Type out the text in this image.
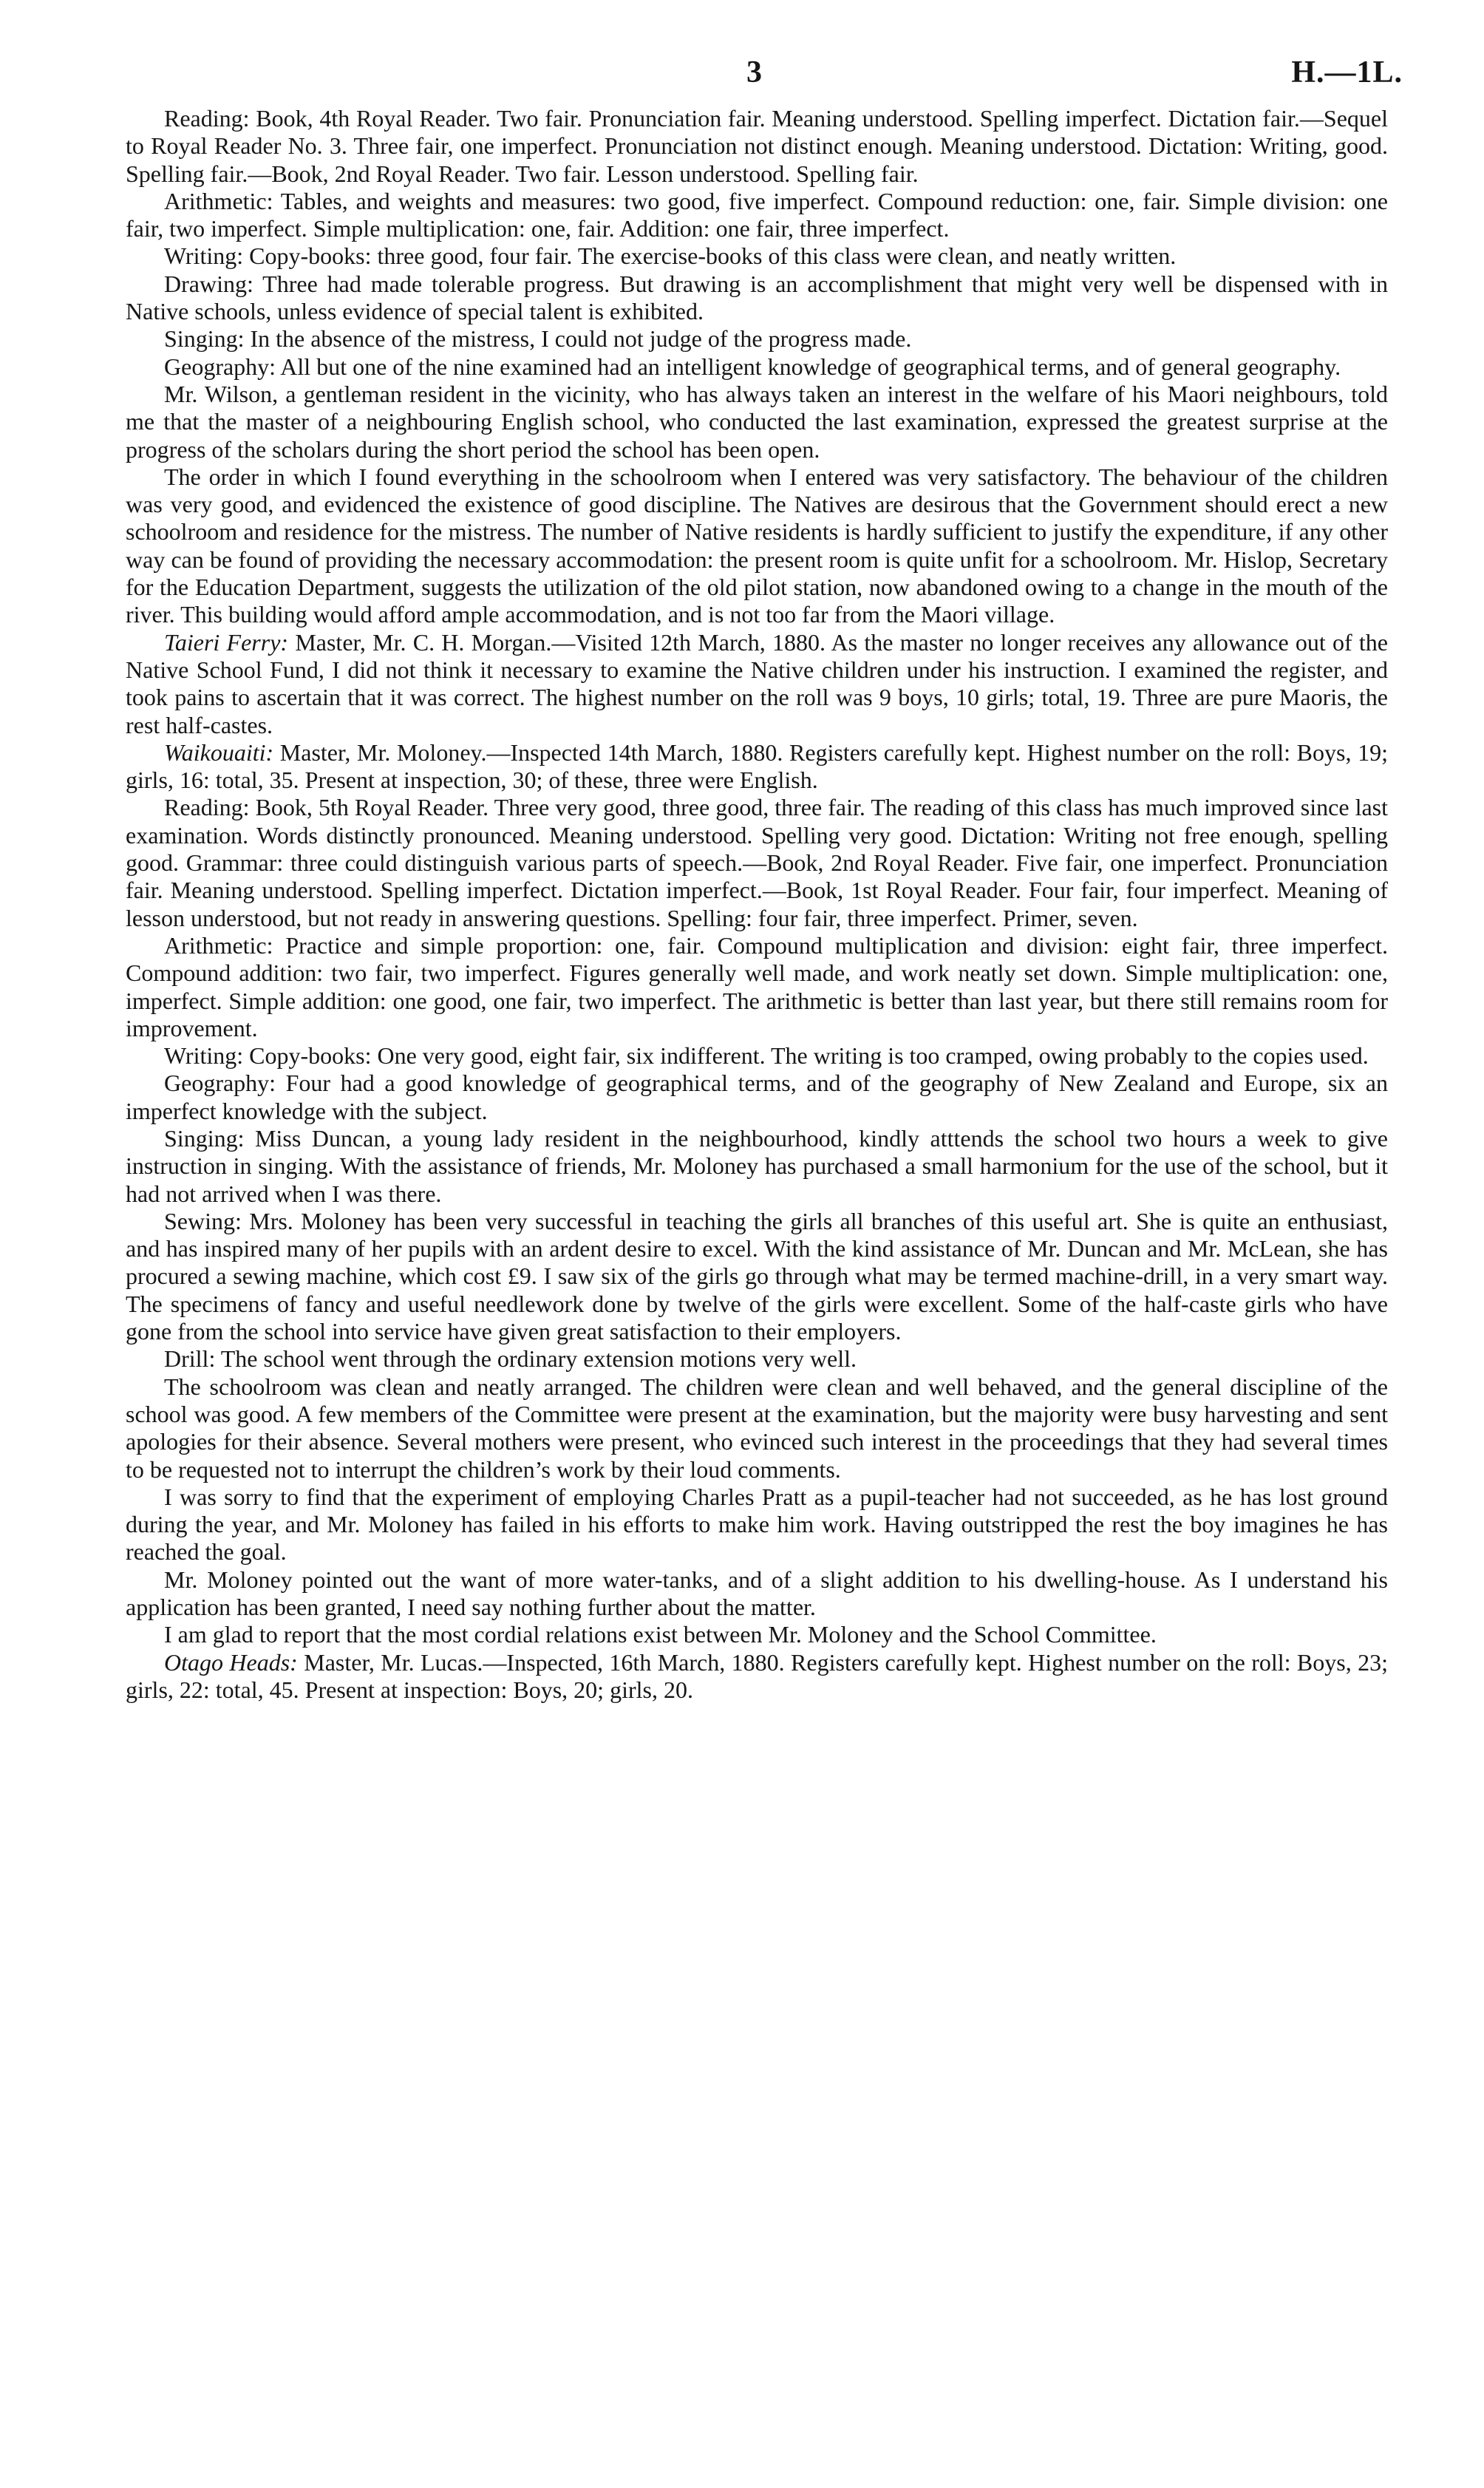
3	H.—1L.

Reading: Book, 4th Royal Reader. Two fair. Pronunciation fair. Meaning understood. Spelling imperfect. Dictation fair.—Sequel to Royal Reader No. 3. Three fair, one imperfect. Pronunciation not distinct enough. Meaning understood. Dictation: Writing, good. Spelling fair.—Book, 2nd Royal Reader. Two fair. Lesson understood. Spelling fair.

Arithmetic: Tables, and weights and measures: two good, five imperfect. Compound reduction: one, fair. Simple division: one fair, two imperfect. Simple multiplication: one, fair. Addition: one fair, three imperfect.

Writing: Copy-books: three good, four fair. The exercise-books of this class were clean, and neatly written.

Drawing: Three had made tolerable progress. But drawing is an accomplishment that might very well be dispensed with in Native schools, unless evidence of special talent is exhibited.

Singing: In the absence of the mistress, I could not judge of the progress made.

Geography: All but one of the nine examined had an intelligent knowledge of geographical terms, and of general geography.

Mr. Wilson, a gentleman resident in the vicinity, who has always taken an interest in the welfare of his Maori neighbours, told me that the master of a neighbouring English school, who conducted the last examination, expressed the greatest surprise at the progress of the scholars during the short period the school has been open.

The order in which I found everything in the schoolroom when I entered was very satisfactory. The behaviour of the children was very good, and evidenced the existence of good discipline. The Natives are desirous that the Government should erect a new schoolroom and residence for the mistress. The number of Native residents is hardly sufficient to justify the expenditure, if any other way can be found of providing the necessary accommodation: the present room is quite unfit for a schoolroom. Mr. Hislop, Secretary for the Education Department, suggests the utilization of the old pilot station, now abandoned owing to a change in the mouth of the river. This building would afford ample accommodation, and is not too far from the Maori village.

Taieri Ferry: Master, Mr. C. H. Morgan.—Visited 12th March, 1880. As the master no longer receives any allowance out of the Native School Fund, I did not think it necessary to examine the Native children under his instruction. I examined the register, and took pains to ascertain that it was correct. The highest number on the roll was 9 boys, 10 girls; total, 19. Three are pure Maoris, the rest half-castes.

Waikouaiti: Master, Mr. Moloney.—Inspected 14th March, 1880. Registers carefully kept. Highest number on the roll: Boys, 19; girls, 16: total, 35. Present at inspection, 30; of these, three were English.

Reading: Book, 5th Royal Reader. Three very good, three good, three fair. The reading of this class has much improved since last examination. Words distinctly pronounced. Meaning understood. Spelling very good. Dictation: Writing not free enough, spelling good. Grammar: three could distinguish various parts of speech.—Book, 2nd Royal Reader. Five fair, one imperfect. Pronunciation fair. Meaning understood. Spelling imperfect. Dictation imperfect.—Book, 1st Royal Reader. Four fair, four imperfect. Meaning of lesson understood, but not ready in answering questions. Spelling: four fair, three imperfect. Primer, seven.

Arithmetic: Practice and simple proportion: one, fair. Compound multiplication and division: eight fair, three imperfect. Compound addition: two fair, two imperfect. Figures generally well made, and work neatly set down. Simple multiplication: one, imperfect. Simple addition: one good, one fair, two imperfect. The arithmetic is better than last year, but there still remains room for improvement.

Writing: Copy-books: One very good, eight fair, six indifferent. The writing is too cramped, owing probably to the copies used.

Geography: Four had a good knowledge of geographical terms, and of the geography of New Zealand and Europe, six an imperfect knowledge with the subject.

Singing: Miss Duncan, a young lady resident in the neighbourhood, kindly atttends the school two hours a week to give instruction in singing. With the assistance of friends, Mr. Moloney has purchased a small harmonium for the use of the school, but it had not arrived when I was there.

Sewing: Mrs. Moloney has been very successful in teaching the girls all branches of this useful art. She is quite an enthusiast, and has inspired many of her pupils with an ardent desire to excel. With the kind assistance of Mr. Duncan and Mr. McLean, she has procured a sewing machine, which cost £9. I saw six of the girls go through what may be termed machine-drill, in a very smart way. The specimens of fancy and useful needlework done by twelve of the girls were excellent. Some of the half-caste girls who have gone from the school into service have given great satisfaction to their employers.

Drill: The school went through the ordinary extension motions very well.

The schoolroom was clean and neatly arranged. The children were clean and well behaved, and the general discipline of the school was good. A few members of the Committee were present at the examination, but the majority were busy harvesting and sent apologies for their absence. Several mothers were present, who evinced such interest in the proceedings that they had several times to be requested not to interrupt the children’s work by their loud comments.

I was sorry to find that the experiment of employing Charles Pratt as a pupil-teacher had not succeeded, as he has lost ground during the year, and Mr. Moloney has failed in his efforts to make him work. Having outstripped the rest the boy imagines he has reached the goal.

Mr. Moloney pointed out the want of more water-tanks, and of a slight addition to his dwelling-house. As I understand his application has been granted, I need say nothing further about the matter.

I am glad to report that the most cordial relations exist between Mr. Moloney and the School Committee.

Otago Heads: Master, Mr. Lucas.—Inspected, 16th March, 1880. Registers carefully kept. Highest number on the roll: Boys, 23; girls, 22: total, 45. Present at inspection: Boys, 20; girls, 20.
